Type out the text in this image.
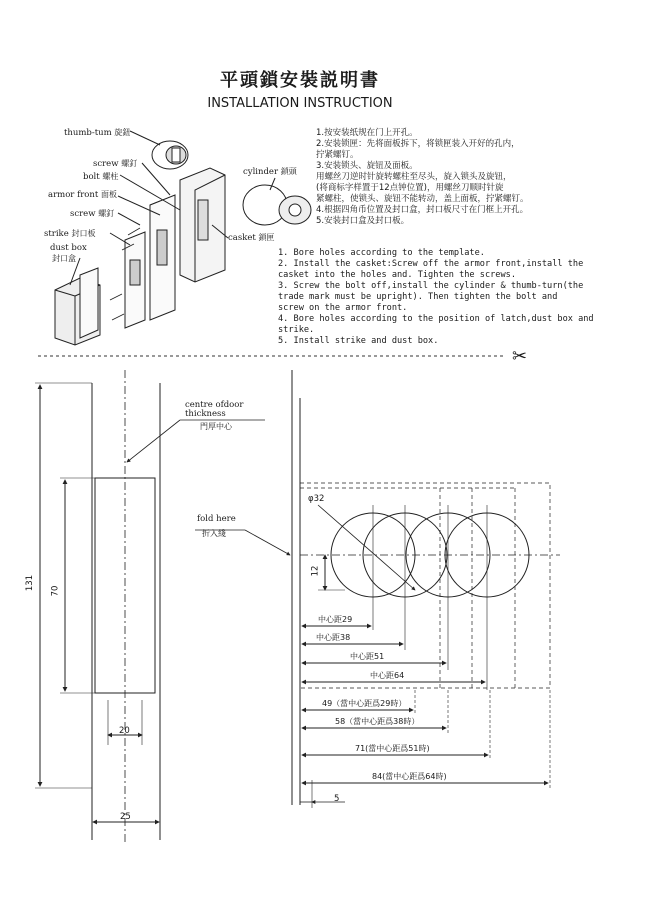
平頭鎖安裝説明書
INSTALLATION INSTRUCTION
✂
thumb-tum 旋鈕
screw 螺釘
bolt 螺柱
armor front 面板
screw 螺釘
strike 封口板
dust box
封口盒
cylinder 鎖頭
casket 鎖匣
1.按安装纸规在门上开孔。
2.安装锁匣：先将面板拆下，将锁匣装入开好的孔内，
拧紧螺钉。
3.安装锁头、旋钮及面板。
用螺丝刀逆时针旋转螺柱至尽头，旋入锁头及旋钮，
(将商标字样置于12点钟位置)，用螺丝刀顺时针旋
紧螺柱，使锁头、旋钮不能转动，盖上面板，拧紧螺钉。
4.根据四角币位置及封口盒，封口板尺寸在门框上开孔。
5.安装封口盒及封口板。
1. Bore holes according to the template.
2. Install the casket:Screw off the armor front,install the
casket into the holes and. Tighten the screws.
3. Screw the bolt off,install the cylinder & thumb-turn(the
trade mark must be upright). Then tighten the bolt and
screw on the armor front.
4. Bore holes according to the position of latch,dust box and
strike.
5. Install strike and dust box.
centre ofdoor
thickness
門厚中心
fold here
折入綫
131 70
20
25
φ32
12
中心距29
中心距38
中心距51
中心距64
49（當中心距爲29時）
58（當中心距爲38時）
71(當中心距爲51時)
84(當中心距爲64時)
5
